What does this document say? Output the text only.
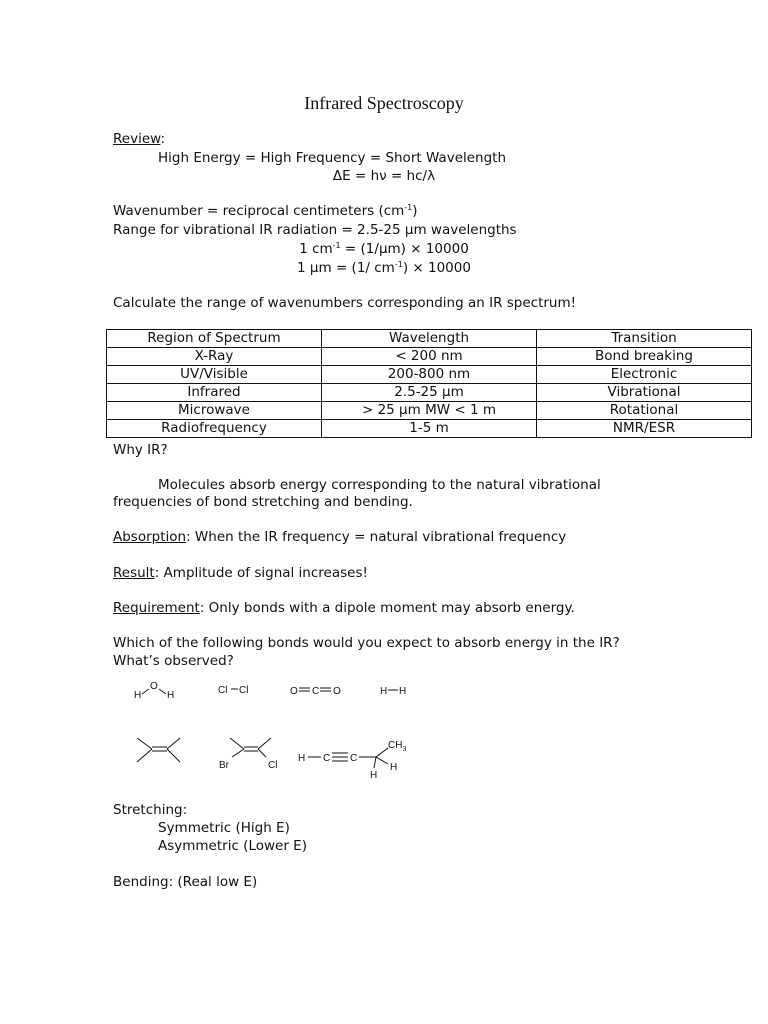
Infrared Spectroscopy
Review:
High Energy = High Frequency = Short Wavelength
ΔE = hν = hc/λ
Wavenumber = reciprocal centimeters $(cm^{-1})$
Range for vibrational IR radiation = 2.5-25 μm wavelengths
1 $cm^{-1} = (1/\mu m) \times 10000$
1 μm = (1/ $cm^{-1}) \times 10000$
Calculate the range of wavenumbers corresponding an IR spectrum!
Region of Spectrum	Wavelength	Transition
X-Ray	< 200 nm	Bond breaking
UV/Visible	200-800 nm	Electronic
Infrared	2.5-25 μm	Vibrational
Microwave	> 25 μm MW < 1 m	Rotational
Radiofrequency	1-5 m	NMR/ESR
Why IR?
Molecules absorb energy corresponding to the natural vibrational
frequencies of bond stretching and bending.
Absorption: When the IR frequency = natural vibrational frequency
Result: Amplitude of signal increases!
Requirement: Only bonds with a dipole moment may absorb energy.
Which of the following bonds would you expect to absorb energy in the IR?
What’s observed?
H
O
H	Cl Cl	O C O	H H
Br	Cl
H C C
$CH_3$
H
H
Stretching:
Symmetric (High E)
Asymmetric (Lower E)
Bending: (Real low E)
